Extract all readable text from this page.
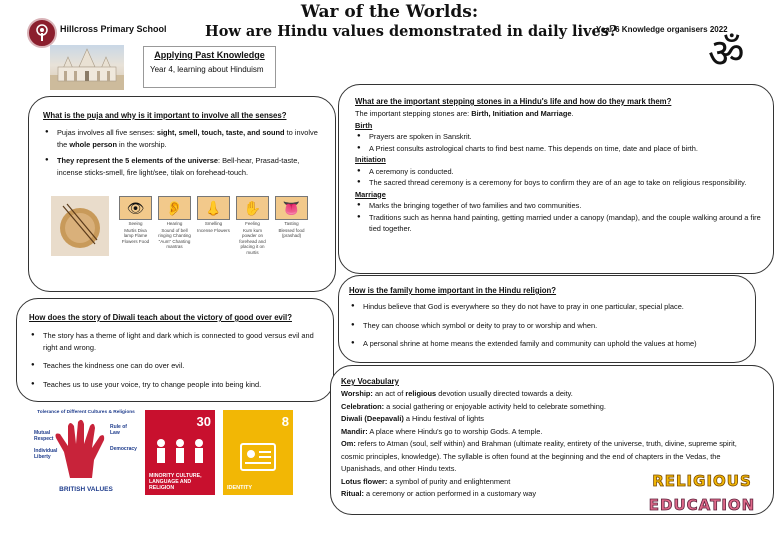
Hillcross Primary School
War of the Worlds:
How are Hindu values demonstrated in daily lives?
Year 6 Knowledge organisers 2022
Applying Past Knowledge
Year 4, learning about Hinduism	ॐ
What is the puja and why is it important to involve all the senses?
● Pujas involves all five senses: sight, smell, touch, taste, and sound to involve the whole person in the worship.
● They represent the 5 elements of the universe: Bell-hear, Prasad-taste, incense sticks-smell, fire light/see, tilak on forehead-touch.
👁
Seeing
Murtis Diva lamp Flame Flowers Food
👂
Hearing
Sound of bell ringing Chanting "Aum" Chanting mantras
👃
Smelling
Incense Flowers
✋
Feeling
Kum kum powder on forehead and placing it on murtis
👅
Tasting
Blessed food (prashad)
How does the story of Diwali teach about the victory of good over evil?
● The story has a theme of light and dark which is connected to good versus evil and right and wrong.
● Teaches the kindness one can do over evil.
● Teaches us to use your voice, try to change people into being kind.
Tolerance of Different Cultures & Religions
Mutual Respect
Rule of Law
Individual Liberty
Democracy
BRITISH VALUES
30
MINORITY CULTURE, LANGUAGE AND RELIGION
8
IDENTITY
What are the important stepping stones in a Hindu's life and how do they mark them?
The important stepping stones are: Birth, Initiation and Marriage.
Birth
● Prayers are spoken in Sanskrit.
● A Priest consults astrological charts to find best name. This depends on time, date and place of birth.
Initiation
● A ceremony is conducted.
● The sacred thread ceremony is a ceremony for boys to confirm they are of an age to take on religious responsibility.
Marriage
● Marks the bringing together of two families and two communities.
● Traditions such as henna hand painting, getting married under a canopy (mandap), and the couple walking around a fire tied together.
How is the family home important in the Hindu religion?
● Hindus believe that God is everywhere so they do not have to pray in one particular, special place.
● They can choose which symbol or deity to pray to or worship and when.
● A personal shrine at home means the extended family and community can uphold the values at home)
Key Vocabulary

Worship: an act of religious devotion usually directed towards a deity.

Celebration: a social gathering or enjoyable activity held to celebrate something.

Diwali (Deepavali) a Hindu festival of lights

Mandir: A place where Hindu's go to worship Gods. A temple.

Om: refers to Atman (soul, self within) and Brahman (ultimate reality, entirety of the universe, truth, divine, supreme spirit, cosmic principles, knowledge). The syllable is often found at the beginning and the end of chapters in the Vedas, the Upanishads, and other Hindu texts.

Lotus flower: a symbol of purity and enlightenment

Ritual: a ceremony or action performed in a customary way

RELIGIOUS
EDUCATION
